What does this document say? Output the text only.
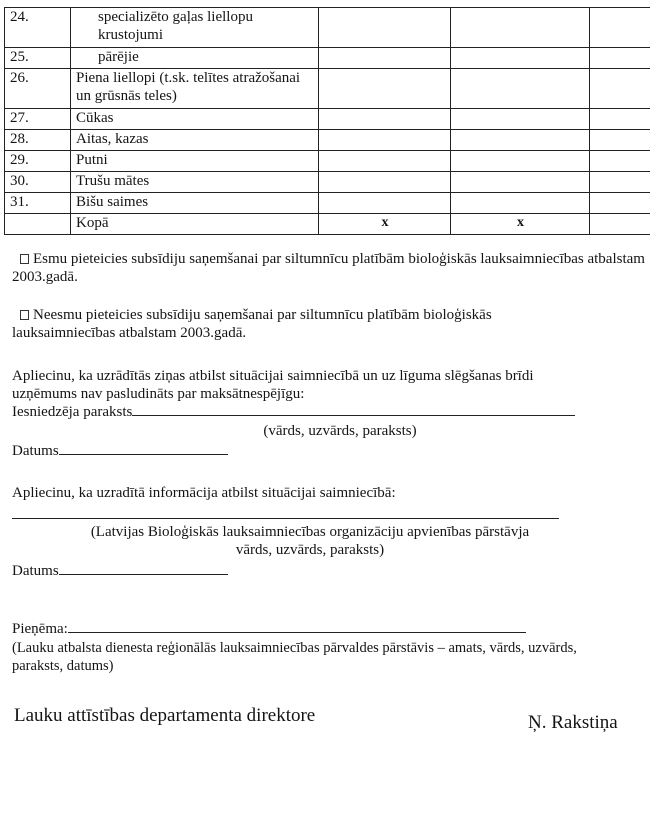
24.	specializēto gaļas liellopu krustojumi			
25.	pārējie			
26.	Piena liellopi (t.sk. telītes atražošanai un grūsnās teles)			
27.	Cūkas			
28.	Aitas, kazas			
29.	Putni			
30.	Trušu mātes			
31.	Bišu saimes			
	Kopā	x	x	
Esmu pieteicies subsīdiju saņemšanai par siltumnīcu platībām bioloģiskās lauksaimniecības atbalstam 2003.gadā.
Neesmu pieteicies subsīdiju saņemšanai par siltumnīcu platībām bioloģiskās lauksaimniecības atbalstam 2003.gadā.
Apliecinu, ka uzrādītās ziņas atbilst situācijai saimniecībā un uz līguma slēgšanas brīdi uzņēmums nav pasludināts par maksātnespējīgu:
Iesniedzēja paraksts
(vārds, uzvārds, paraksts)
Datums
Apliecinu, ka uzradītā informācija atbilst situācijai saimniecībā:
(Latvijas Bioloģiskās lauksaimniecības organizāciju apvienības pārstāvja
vārds, uzvārds, paraksts)
Datums
Pieņēma:
(Lauku atbalsta dienesta reģionālās lauksaimniecības pārvaldes pārstāvis – amats, vārds, uzvārds, paraksts, datums)
Lauku attīstības departamenta direktore	Ņ. Rakstiņa
